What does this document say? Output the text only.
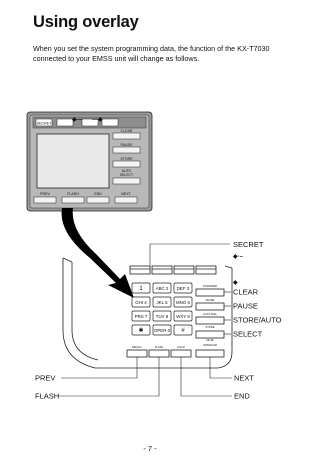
Using overlay

When you set the system programming data, the function of the KX-T7030 connected to your EMSS unit will change as follows.

SECRET
◆— —◆
CLEAR
PAUSE
STORE
AUTO
SELECT
PREV	FLASH	END	NEXT
1	ABC 2 DEF 3
GHI 4 JKL 5 MNO 6
PRS 7 TUV 8 WXY 9
✱ OPER 0 #
TRANSFER
PAUSE
AUTO DIAL
STORE
MUTE
INTERCOM
RECALL	FLASH	HOLD
◆·–
◆
SECRET
CLEAR
PAUSE
STORE/AUTO
SELECT
PREV
FLASH
NEXT
END
- 7 -
